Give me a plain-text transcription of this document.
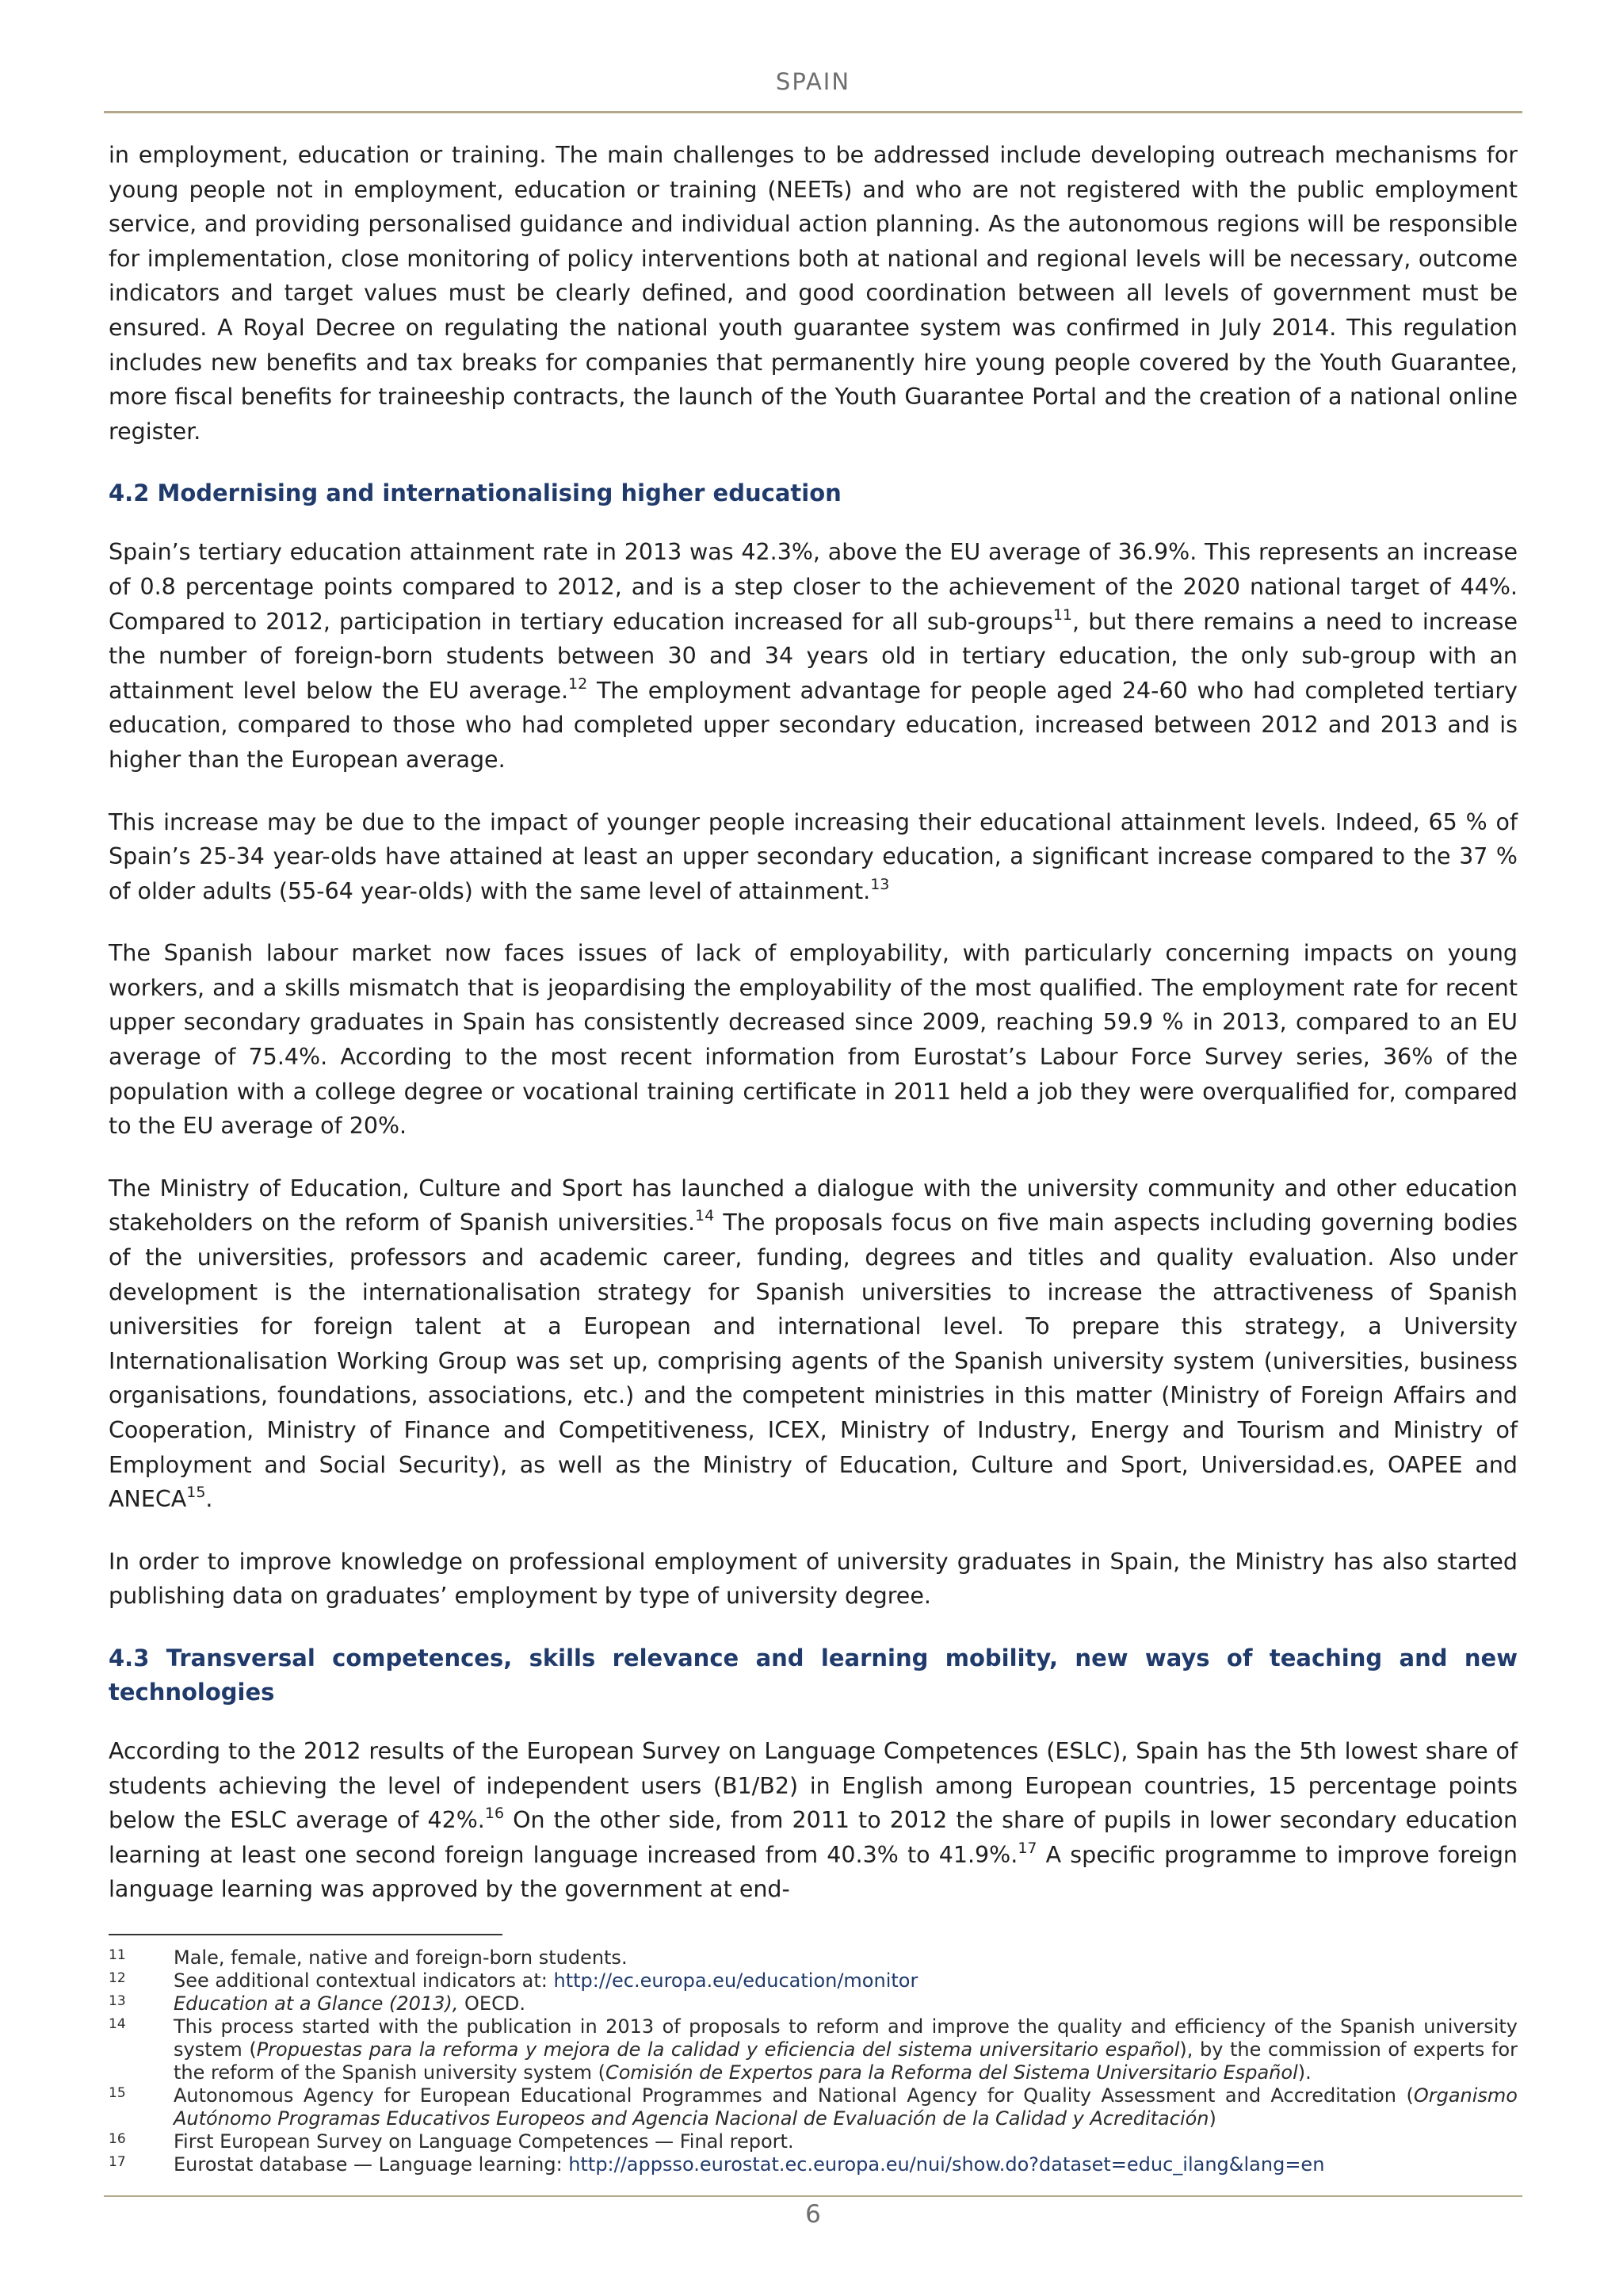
SPAIN

in employment, education or training. The main challenges to be addressed include developing outreach mechanisms for young people not in employment, education or training (NEETs) and who are not registered with the public employment service, and providing personalised guidance and individual action planning. As the autonomous regions will be responsible for implementation, close monitoring of policy interventions both at national and regional levels will be necessary, outcome indicators and target values must be clearly defined, and good coordination between all levels of government must be ensured. A Royal Decree on regulating the national youth guarantee system was confirmed in July 2014. This regulation includes new benefits and tax breaks for companies that permanently hire young people covered by the Youth Guarantee, more fiscal benefits for traineeship contracts, the launch of the Youth Guarantee Portal and the creation of a national online register.

4.2 Modernising and internationalising higher education

Spain’s tertiary education attainment rate in 2013 was 42.3%, above the EU average of 36.9%. This represents an increase of 0.8 percentage points compared to 2012, and is a step closer to the achievement of the 2020 national target of 44%. Compared to 2012, participation in tertiary education increased for all sub-groups$^{11}$, but there remains a need to increase the number of foreign-born students between 30 and 34 years old in tertiary education, the only sub-group with an attainment level below the EU average.$^{12}$ The employment advantage for people aged 24-60 who had completed tertiary education, compared to those who had completed upper secondary education, increased between 2012 and 2013 and is higher than the European average.

This increase may be due to the impact of younger people increasing their educational attainment levels. Indeed, 65 % of Spain’s 25-34 year-olds have attained at least an upper secondary education, a significant increase compared to the 37 % of older adults (55-64 year-olds) with the same level of attainment.$^{13}$

The Spanish labour market now faces issues of lack of employability, with particularly concerning impacts on young workers, and a skills mismatch that is jeopardising the employability of the most qualified. The employment rate for recent upper secondary graduates in Spain has consistently decreased since 2009, reaching 59.9 % in 2013, compared to an EU average of 75.4%. According to the most recent information from Eurostat’s Labour Force Survey series, 36% of the population with a college degree or vocational training certificate in 2011 held a job they were overqualified for, compared to the EU average of 20%.

The Ministry of Education, Culture and Sport has launched a dialogue with the university community and other education stakeholders on the reform of Spanish universities.$^{14}$ The proposals focus on five main aspects including governing bodies of the universities, professors and academic career, funding, degrees and titles and quality evaluation. Also under development is the internationalisation strategy for Spanish universities to increase the attractiveness of Spanish universities for foreign talent at a European and international level. To prepare this strategy, a University Internationalisation Working Group was set up, comprising agents of the Spanish university system (universities, business organisations, foundations, associations, etc.) and the competent ministries in this matter (Ministry of Foreign Affairs and Cooperation, Ministry of Finance and Competitiveness, ICEX, Ministry of Industry, Energy and Tourism and Ministry of Employment and Social Security), as well as the Ministry of Education, Culture and Sport, Universidad.es, OAPEE and ANECA$^{15}$.

In order to improve knowledge on professional employment of university graduates in Spain, the Ministry has also started publishing data on graduates’ employment by type of university degree.

4.3 Transversal competences, skills relevance and learning mobility, new ways of teaching and new technologies

According to the 2012 results of the European Survey on Language Competences (ESLC), Spain has the 5th lowest share of students achieving the level of independent users (B1/B2) in English among European countries, 15 percentage points below the ESLC average of 42%.$^{16}$ On the other side, from 2011 to 2012 the share of pupils in lower secondary education learning at least one second foreign language increased from 40.3% to 41.9%.$^{17}$ A specific programme to improve foreign language learning was approved by the government at end-

11	Male, female, native and foreign-born students.
12	See additional contextual indicators at: http://ec.europa.eu/education/monitor
13	Education at a Glance (2013), OECD.
14	This process started with the publication in 2013 of proposals to reform and improve the quality and efficiency of the Spanish university system (Propuestas para la reforma y mejora de la calidad y eficiencia del sistema universitario español), by the commission of experts for the reform of the Spanish university system (Comisión de Expertos para la Reforma del Sistema Universitario Español).
15	Autonomous Agency for European Educational Programmes and National Agency for Quality Assessment and Accreditation (Organismo Autónomo Programas Educativos Europeos and Agencia Nacional de Evaluación de la Calidad y Acreditación)
16	First European Survey on Language Competences — Final report.
17	Eurostat database — Language learning: http://appsso.eurostat.ec.europa.eu/nui/show.do?dataset=educ_ilang&lang=en
6
